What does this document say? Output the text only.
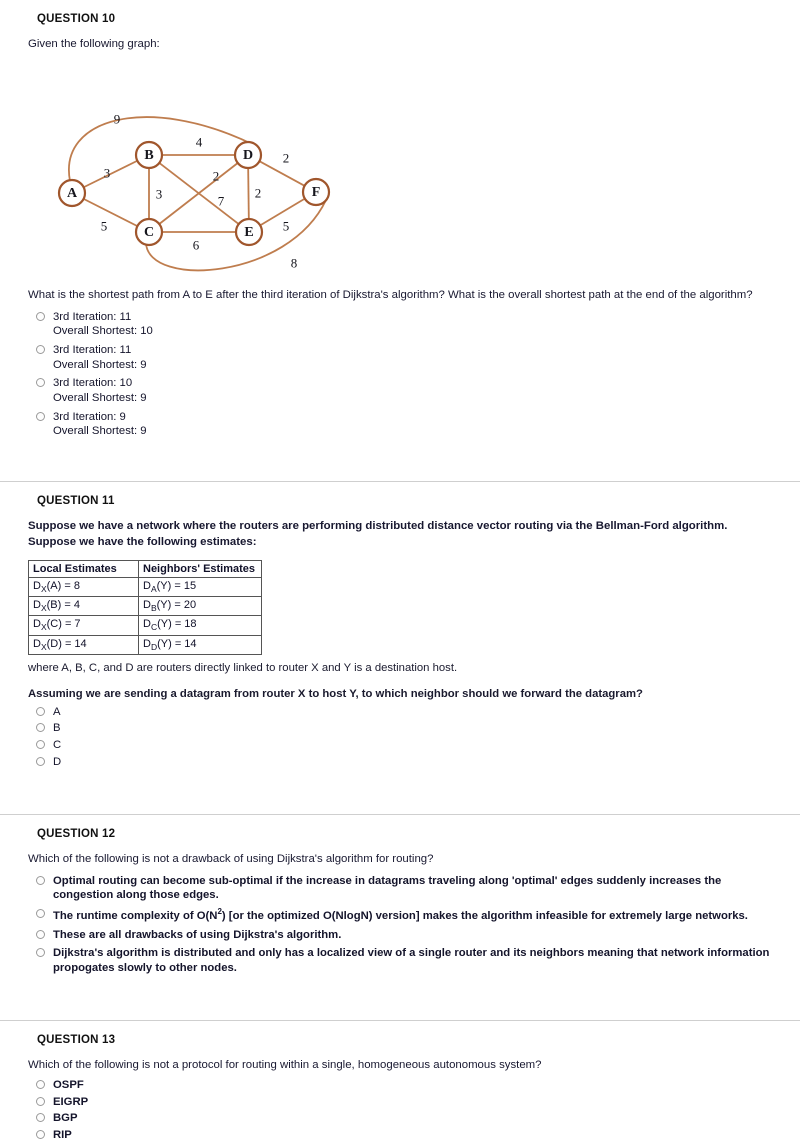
QUESTION 10
Given the following graph:
A
B
C
D
E
F
9
3
5
4
3	7
2
6
8
2
2
5
What is the shortest path from A to E after the third iteration of Dijkstra's algorithm? What is the overall shortest path at the end of the algorithm?
3rd Iteration: 11
Overall Shortest: 10
3rd Iteration: 11
Overall Shortest: 9
3rd Iteration: 10
Overall Shortest: 9
3rd Iteration: 9
Overall Shortest: 9
QUESTION 11
Suppose we have a network where the routers are performing distributed distance vector routing via the Bellman-Ford algorithm. Suppose we have the following estimates:
Local Estimates	Neighbors' Estimates
$D_X(A) = 8$	$D_A(Y) = 15$
$D_X(B) = 4$	$D_B(Y) = 20$
$D_X(C) = 7$	$D_C(Y) = 18$
$D_X(D) = 14$	$D_D(Y) = 14$
where A, B, C, and D are routers directly linked to router X and Y is a destination host.
Assuming we are sending a datagram from router X to host Y, to which neighbor should we forward the datagram?
A
B
C
D
QUESTION 12
Which of the following is not a drawback of using Dijkstra's algorithm for routing?
Optimal routing can become sub-optimal if the increase in datagrams traveling along 'optimal' edges suddenly increases the congestion along those edges.
The runtime complexity of $O(N^2)$ [or the optimized O(NlogN) version] makes the algorithm infeasible for extremely large networks.
These are all drawbacks of using Dijkstra's algorithm.
Dijkstra's algorithm is distributed and only has a localized view of a single router and its neighbors meaning that network information propogates slowly to other nodes.
QUESTION 13
Which of the following is not a protocol for routing within a single, homogeneous autonomous system?
OSPF
EIGRP
BGP
RIP
